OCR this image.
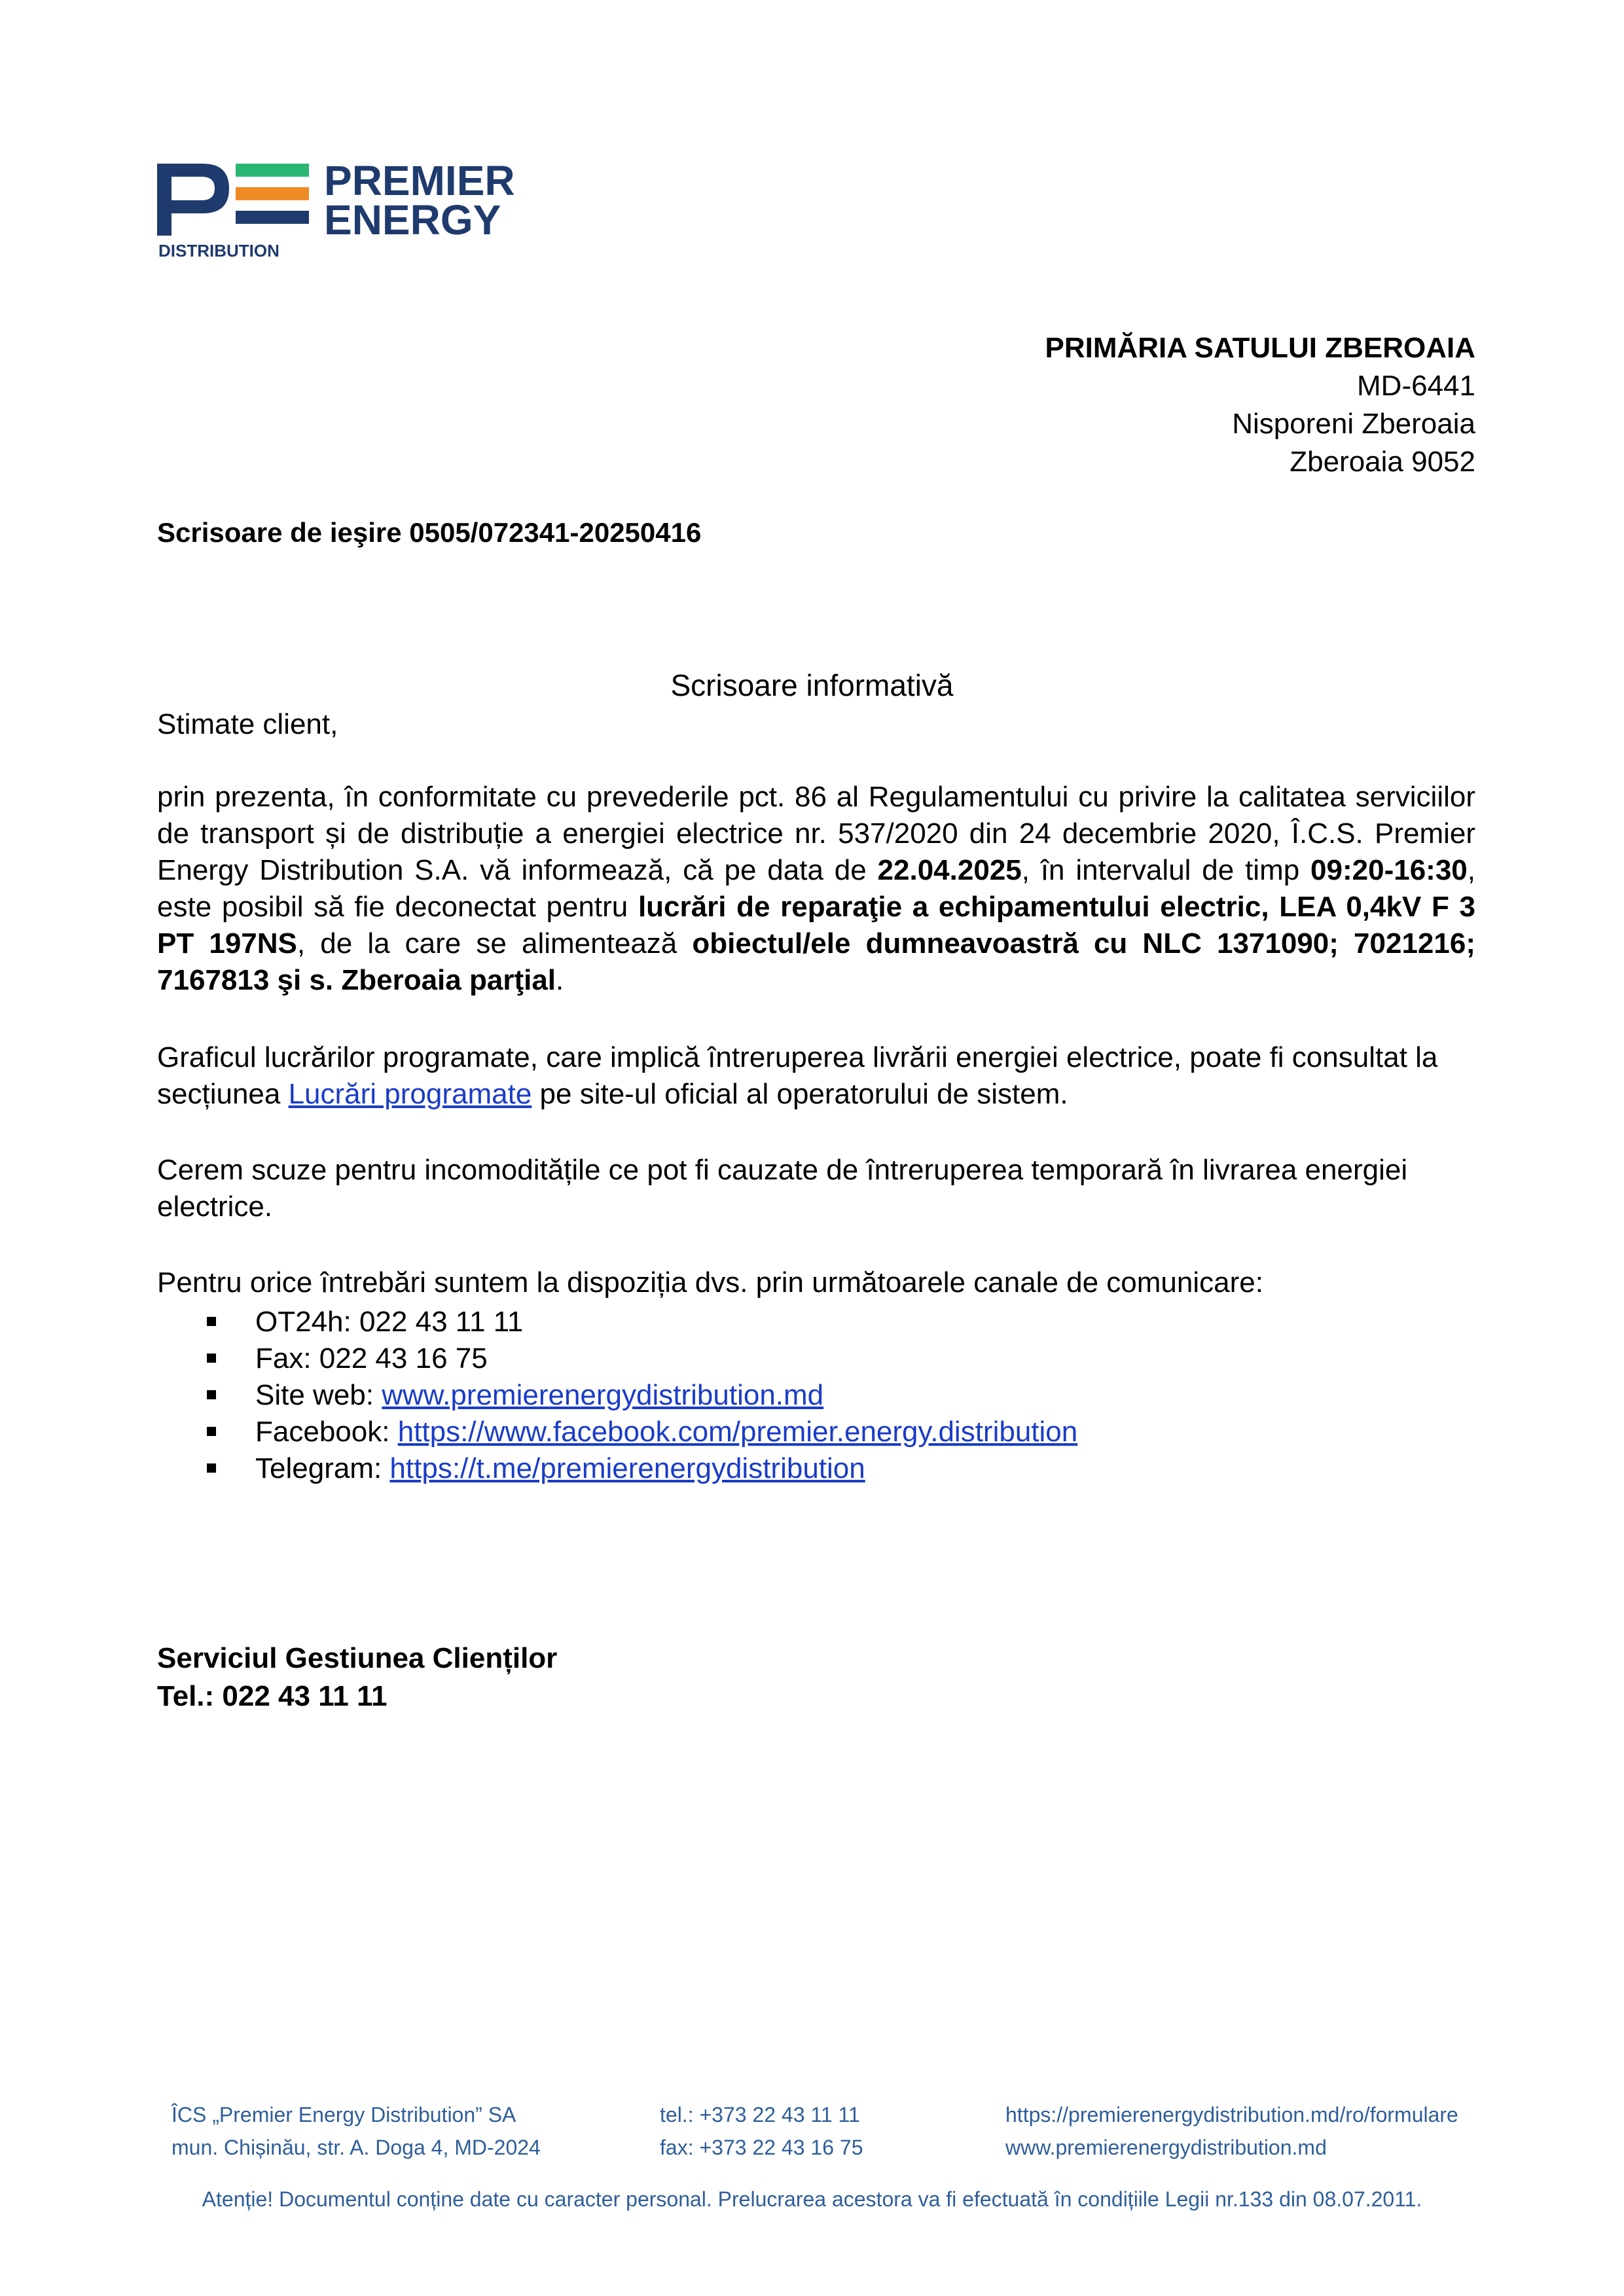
PREMIER
ENERGY
DISTRIBUTION
PRIMĂRIA SATULUI ZBEROAIA
MD-6441
Nisporeni Zberoaia
Zberoaia 9052
Scrisoare de ieşire 0505/072341-20250416
Scrisoare informativă
Stimate client,
prin prezenta, în conformitate cu prevederile pct. 86 al Regulamentului cu privire la calitatea serviciilor de transport și de distribuție a energiei electrice nr. 537/2020 din 24 decembrie 2020, Î.C.S. Premier Energy Distribution S.A. vă informează, că pe data de 22.04.2025, în intervalul de timp 09:20-16:30, este posibil să fie deconectat pentru lucrări de reparaţie a echipamentului electric, LEA 0,4kV F 3 PT 197NS, de la care se alimentează obiectul/ele dumneavoastră cu NLC 1371090; 7021216; 7167813 şi s. Zberoaia parţial.
Graficul lucrărilor programate, care implică întreruperea livrării energiei electrice, poate fi consultat la secțiunea Lucrări programate pe site-ul oficial al operatorului de sistem.
Cerem scuze pentru incomoditățile ce pot fi cauzate de întreruperea temporară în livrarea energiei electrice.
Pentru orice întrebări suntem la dispoziția dvs. prin următoarele canale de comunicare:
OT24h: 022 43 11 11
Fax: 022 43 16 75
Site web: www.premierenergydistribution.md
Facebook: https://www.facebook.com/premier.energy.distribution
Telegram: https://t.me/premierenergydistribution
Serviciul Gestiunea Clienților
Tel.: 022 43 11 11
ÎCS „Premier Energy Distribution” SA
mun. Chișinău, str. A. Doga 4, MD-2024
tel.: +373 22 43 11 11
fax: +373 22 43 16 75
https://premierenergydistribution.md/ro/formulare
www.premierenergydistribution.md
Atenție! Documentul conține date cu caracter personal. Prelucrarea acestora va fi efectuată în condițiile Legii nr.133 din 08.07.2011.
